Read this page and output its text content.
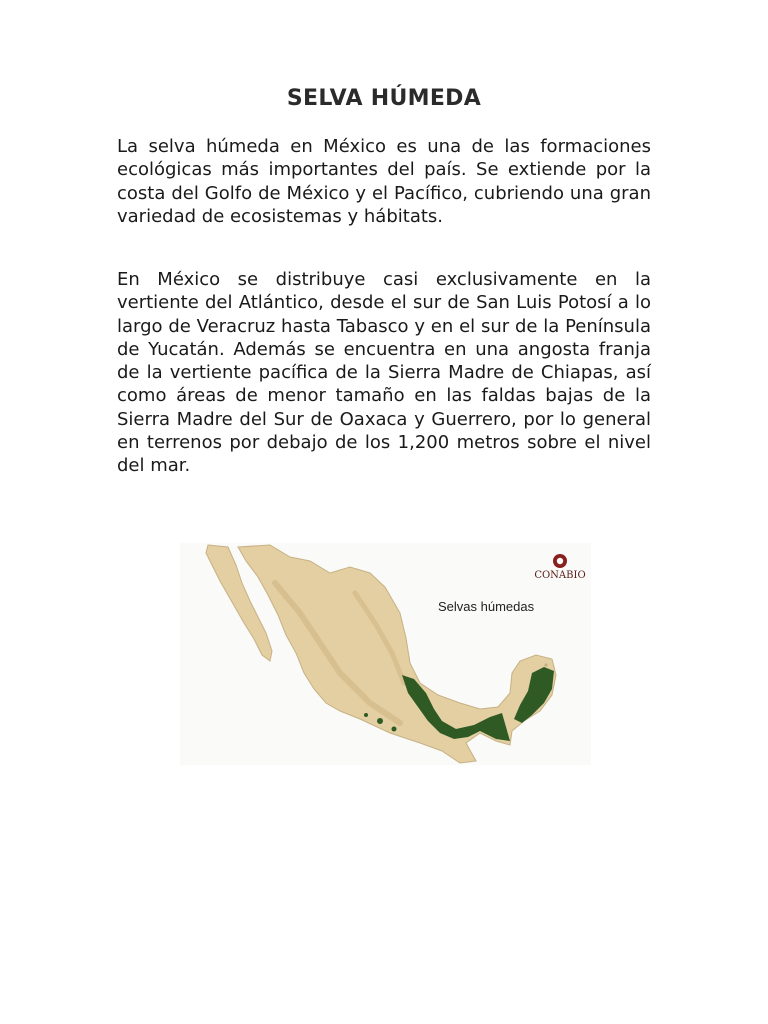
SELVA HÚMEDA

La selva húmeda en México es una de las formaciones ecológicas más importantes del país. Se extiende por la costa del Golfo de México y el Pacífico, cubriendo una gran variedad de ecosistemas y hábitats.

En México se distribuye casi exclusivamente en la vertiente del Atlántico, desde el sur de San Luis Potosí a lo largo de Veracruz hasta Tabasco y en el sur de la Península de Yucatán. Además se encuentra en una angosta franja de la vertiente pacífica de la Sierra Madre de Chiapas, así como áreas de menor tamaño en las faldas bajas de la Sierra Madre del Sur de Oaxaca y Guerrero, por lo general en terrenos por debajo de los 1,200 metros sobre el nivel del mar.

CONABIO
Selvas húmedas
